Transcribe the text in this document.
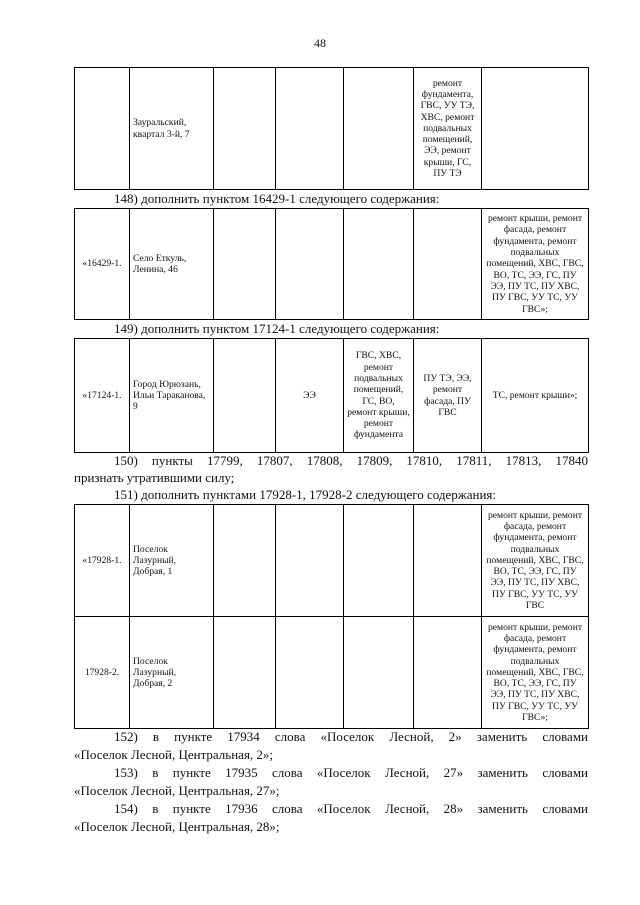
48
	Зауральский, квартал 3-й, 7				ремонт фундамента, ГВС, УУ ТЭ, ХВС, ремонт подвальных помещений, ЭЭ, ремонт крыши, ГС, ПУ ТЭ	
148) дополнить пунктом 16429-1 следующего содержания:
«16429-1.	Село Еткуль, Ленина, 46					ремонт крыши, ремонт фасада, ремонт фундамента, ремонт подвальных помещений, ХВС, ГВС, ВО, ТС, ЭЭ, ГС, ПУ ЭЭ, ПУ ТС, ПУ ХВС, ПУ ГВС, УУ ТС, УУ ГВС»;
149) дополнить пунктом 17124-1 следующего содержания:
«17124-1.	Город Юрюзань, Ильи Тараканова, 9		ЭЭ	ГВС, ХВС, ремонт подвальных помещений, ГС, ВО, ремонт крыши, ремонт фундамента	ПУ ТЭ, ЭЭ, ремонт фасада, ПУ ГВС	ТС, ремонт крыши»;
150) пункты 17799, 17807, 17808, 17809, 17810, 17811, 17813, 17840
признать утратившими силу;
151) дополнить пунктами 17928-1, 17928-2 следующего содержания:
«17928-1.	Поселок Лазурный, Добрая, 1					ремонт крыши, ремонт фасада, ремонт фундамента, ремонт подвальных помещений, ХВС, ГВС, ВО, ТС, ЭЭ, ГС, ПУ ЭЭ, ПУ ТС, ПУ ХВС, ПУ ГВС, УУ ТС, УУ ГВС
17928-2.	Поселок Лазурный, Добрая, 2					ремонт крыши, ремонт фасада, ремонт фундамента, ремонт подвальных помещений, ХВС, ГВС, ВО, ТС, ЭЭ, ГС, ПУ ЭЭ, ПУ ТС, ПУ ХВС, ПУ ГВС, УУ ТС, УУ ГВС»;
152) в пункте 17934 слова «Поселок Лесной, 2» заменить словами
«Поселок Лесной, Центральная, 2»;
153) в пункте 17935 слова «Поселок Лесной, 27» заменить словами
«Поселок Лесной, Центральная, 27»;
154) в пункте 17936 слова «Поселок Лесной, 28» заменить словами
«Поселок Лесной, Центральная, 28»;
